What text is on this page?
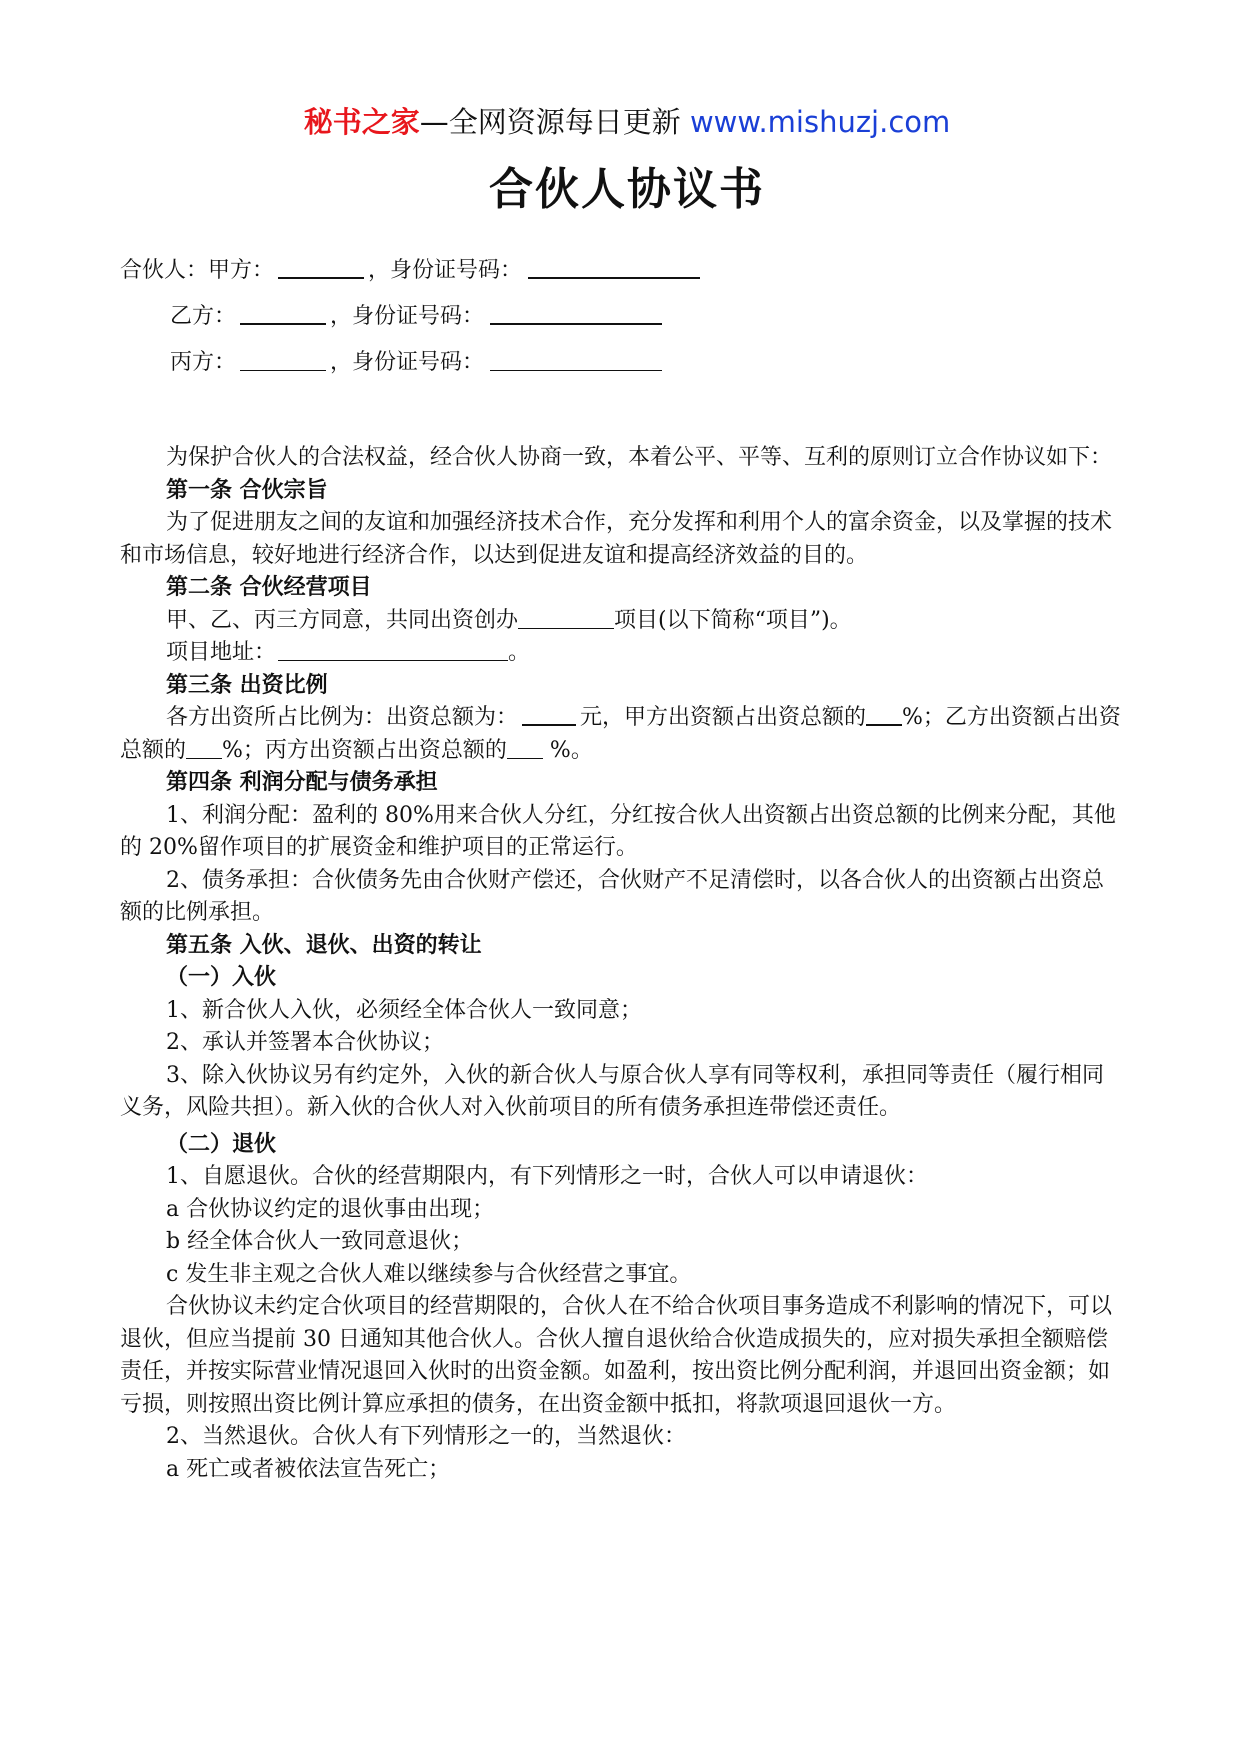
秘书之家—全网资源每日更新 www.mishuzj.com
合伙人协议书
合伙人：甲方：	，身份证号码：
乙方：	，身份证号码：
丙方：	，身份证号码：

为保护合伙人的合法权益，经合伙人协商一致，本着公平、平等、互利的原则订立合作协议如下：

第一条 合伙宗旨

为了促进朋友之间的友谊和加强经济技术合作，充分发挥和利用个人的富余资金，以及掌握的技术和市场信息，较好地进行经济合作，以达到促进友谊和提高经济效益的目的。

第二条 合伙经营项目

甲、乙、丙三方同意，共同出资创办	项目(以下简称“项目”)。

项目地址：	。

第三条 出资比例

各方出资所占比例为：出资总额为：	元，甲方出资额占出资总额的 %；乙方出资额占出资总额的 %；丙方出资额占出资总额的 %。

第四条 利润分配与债务承担

1、利润分配：盈利的 80%用来合伙人分红，分红按合伙人出资额占出资总额的比例来分配，其他的 20%留作项目的扩展资金和维护项目的正常运行。

2、债务承担：合伙债务先由合伙财产偿还，合伙财产不足清偿时，以各合伙人的出资额占出资总额的比例承担。

第五条 入伙、退伙、出资的转让

（一）入伙

1、新合伙人入伙，必须经全体合伙人一致同意；

2、承认并签署本合伙协议；

3、除入伙协议另有约定外，入伙的新合伙人与原合伙人享有同等权利，承担同等责任（履行相同义务，风险共担）。新入伙的合伙人对入伙前项目的所有债务承担连带偿还责任。

（二）退伙

1、自愿退伙。合伙的经营期限内，有下列情形之一时，合伙人可以申请退伙：

a 合伙协议约定的退伙事由出现；

b 经全体合伙人一致同意退伙；

c 发生非主观之合伙人难以继续参与合伙经营之事宜。

合伙协议未约定合伙项目的经营期限的，合伙人在不给合伙项目事务造成不利影响的情况下，可以退伙，但应当提前 30 日通知其他合伙人。合伙人擅自退伙给合伙造成损失的，应对损失承担全额赔偿责任，并按实际营业情况退回入伙时的出资金额。如盈利，按出资比例分配利润，并退回出资金额；如亏损，则按照出资比例计算应承担的债务，在出资金额中抵扣，将款项退回退伙一方。

2、当然退伙。合伙人有下列情形之一的，当然退伙：

a 死亡或者被依法宣告死亡；
